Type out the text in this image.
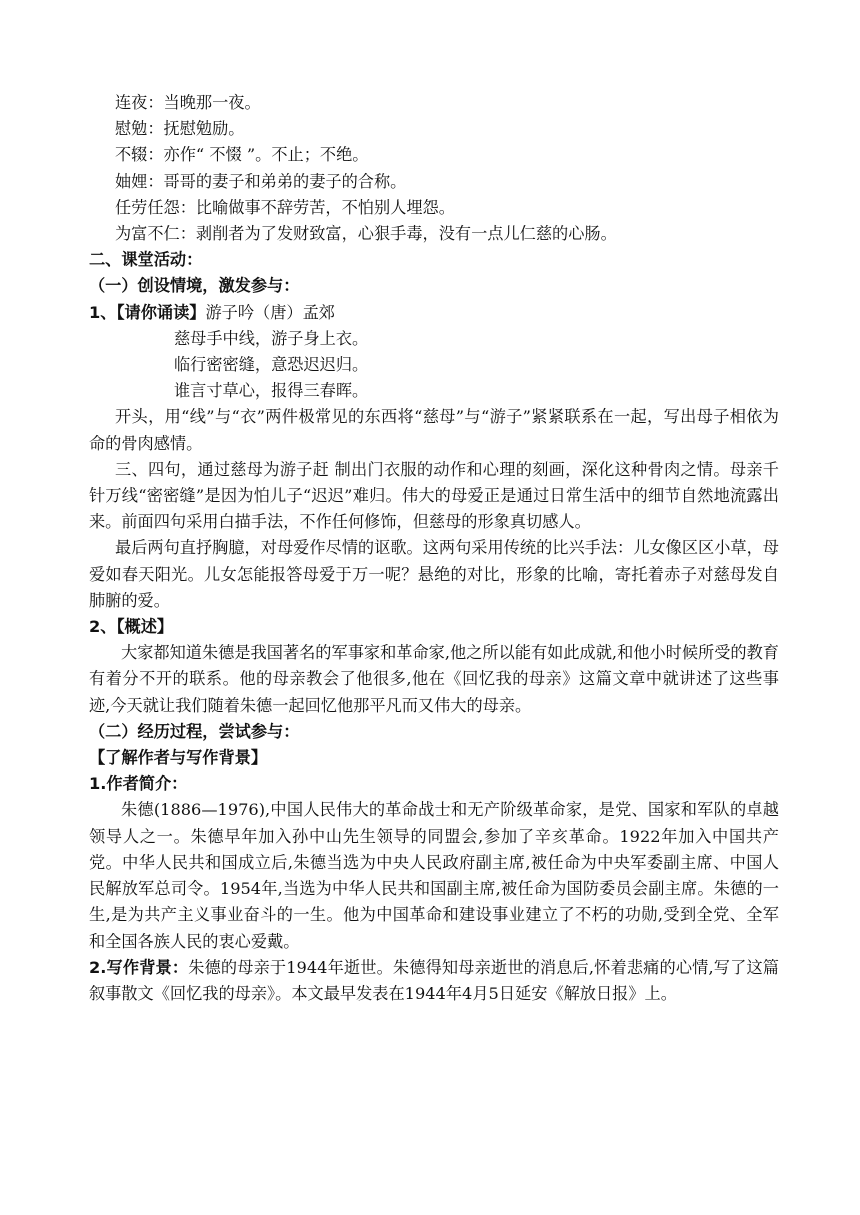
连夜：当晚那一夜。

慰勉：抚慰勉励。

不辍：亦作“ 不惙 ”。不止；不绝。

妯娌：哥哥的妻子和弟弟的妻子的合称。

任劳任怨：比喻做事不辞劳苦，不怕别人埋怨。

为富不仁：剥削者为了发财致富，心狠手毒，没有一点儿仁慈的心肠。

二、课堂活动：

（一）创设情境，激发参与：

1、【请你诵读】游子吟（唐）孟郊

慈母手中线，游子身上衣。

临行密密缝，意恐迟迟归。

谁言寸草心，报得三春晖。

开头，用“线”与“衣”两件极常见的东西将“慈母”与“游子”紧紧联系在一起，写出母子相依为命的骨肉感情。

三、四句，通过慈母为游子赶 制出门衣服的动作和心理的刻画，深化这种骨肉之情。母亲千针万线“密密缝”是因为怕儿子“迟迟”难归。伟大的母爱正是通过日常生活中的细节自然地流露出来。前面四句采用白描手法，不作任何修饰，但慈母的形象真切感人。

最后两句直抒胸臆，对母爱作尽情的讴歌。这两句采用传统的比兴手法：儿女像区区小草，母爱如春天阳光。儿女怎能报答母爱于万一呢？悬绝的对比，形象的比喻，寄托着赤子对慈母发自肺腑的爱。

2、【概述】

大家都知道朱德是我国著名的军事家和革命家,他之所以能有如此成就,和他小时候所受的教育有着分不开的联系。他的母亲教会了他很多,他在《回忆我的母亲》这篇文章中就讲述了这些事迹,今天就让我们随着朱德一起回忆他那平凡而又伟大的母亲。

（二）经历过程，尝试参与：

【了解作者与写作背景】

1.作者简介：

朱德(1886—1976),中国人民伟大的革命战士和无产阶级革命家，是党、国家和军队的卓越领导人之一。朱德早年加入孙中山先生领导的同盟会,参加了辛亥革命。1922年加入中国共产党。中华人民共和国成立后,朱德当选为中央人民政府副主席,被任命为中央军委副主席、中国人民解放军总司令。1954年,当选为中华人民共和国副主席,被任命为国防委员会副主席。朱德的一生,是为共产主义事业奋斗的一生。他为中国革命和建设事业建立了不朽的功勋,受到全党、全军和全国各族人民的衷心爱戴。

2.写作背景：朱德的母亲于1944年逝世。朱德得知母亲逝世的消息后,怀着悲痛的心情,写了这篇叙事散文《回忆我的母亲》。本文最早发表在1944年4月5日延安《解放日报》上。
